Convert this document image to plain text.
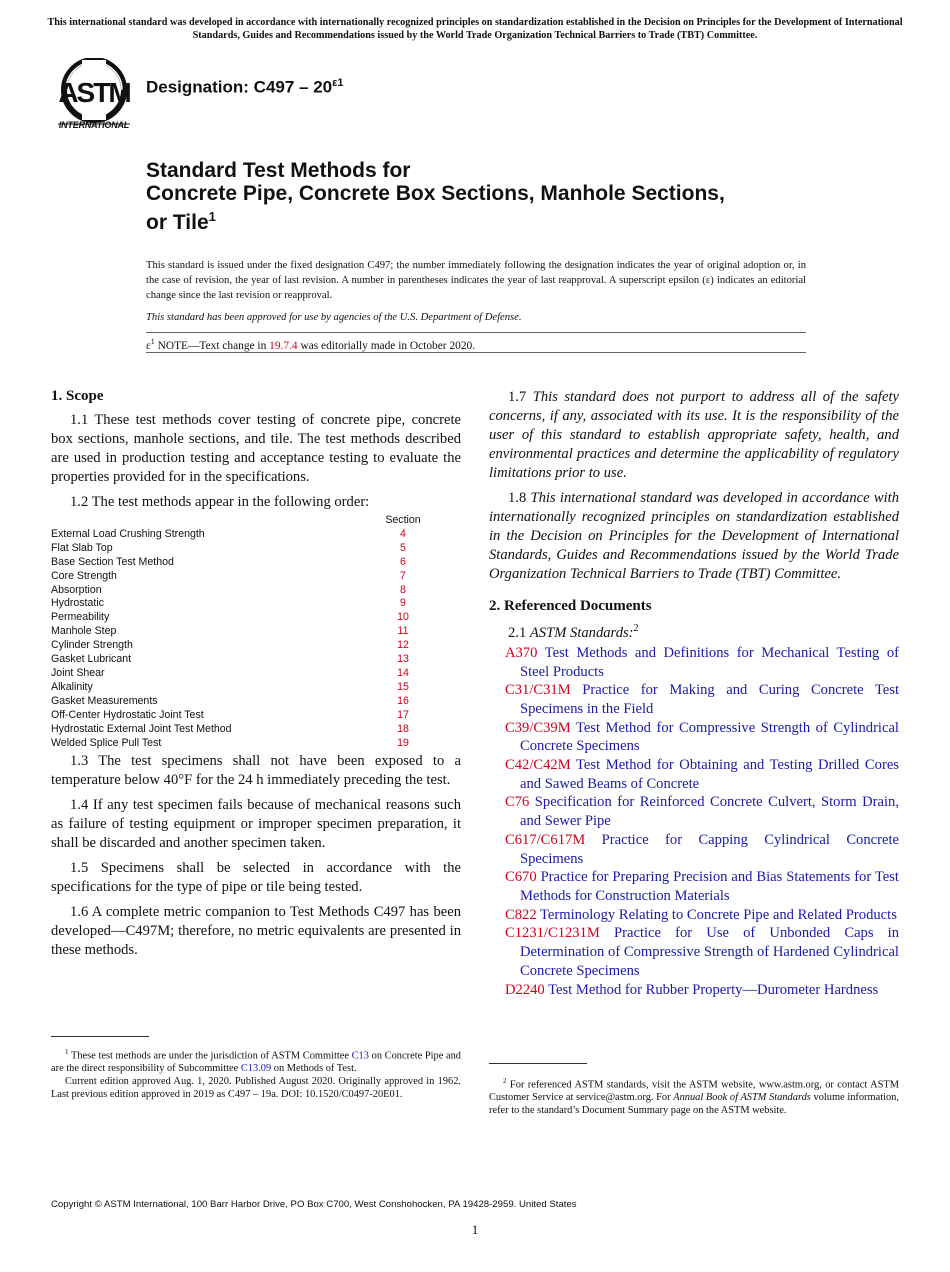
This international standard was developed in accordance with internationally recognized principles on standardization established in the Decision on Principles for the Development of International Standards, Guides and Recommendations issued by the World Trade Organization Technical Barriers to Trade (TBT) Committee.
ASTM
INTERNATIONAL
Designation: $C497 - 20^{\varepsilon 1}$
Standard Test Methods for
Concrete Pipe, Concrete Box Sections, Manhole Sections,
or Tile$^1$
This standard is issued under the fixed designation C497; the number immediately following the designation indicates the year of original adoption or, in the case of revision, the year of last revision. A number in parentheses indicates the year of last reapproval. A superscript epsilon (ε) indicates an editorial change since the last revision or reapproval.
This standard has been approved for use by agencies of the U.S. Department of Defense.
$\varepsilon^1$ NOTE—Text change in 19.7.4 was editorially made in October 2020.
1. Scope

1.1 These test methods cover testing of concrete pipe, concrete box sections, manhole sections, and tile. The test methods described are used in production testing and acceptance testing to evaluate the properties provided for in the specifications.

1.2 The test methods appear in the following order:

	Section
External Load Crushing Strength	4
Flat Slab Top	5
Base Section Test Method	6
Core Strength	7
Absorption	8
Hydrostatic	9
Permeability	10
Manhole Step	11
Cylinder Strength	12
Gasket Lubricant	13
Joint Shear	14
Alkalinity	15
Gasket Measurements	16
Off-Center Hydrostatic Joint Test	17
Hydrostatic External Joint Test Method	18
Welded Splice Pull Test	19

1.3 The test specimens shall not have been exposed to a temperature below 40°F for the 24 h immediately preceding the test.

1.4 If any test specimen fails because of mechanical reasons such as failure of testing equipment or improper specimen preparation, it shall be discarded and another specimen taken.

1.5 Specimens shall be selected in accordance with the specifications for the type of pipe or tile being tested.

1.6 A complete metric companion to Test Methods C497 has been developed—C497M; therefore, no metric equivalents are presented in these methods.

1.7 This standard does not purport to address all of the safety concerns, if any, associated with its use. It is the responsibility of the user of this standard to establish appropriate safety, health, and environmental practices and determine the applicability of regulatory limitations prior to use.

1.8 This international standard was developed in accordance with internationally recognized principles on standardization established in the Decision on Principles for the Development of International Standards, Guides and Recommendations issued by the World Trade Organization Technical Barriers to Trade (TBT) Committee.

2. Referenced Documents

2.1 ASTM Standards:$^2$

A370 Test Methods and Definitions for Mechanical Testing of Steel Products

C31/C31M Practice for Making and Curing Concrete Test Specimens in the Field

C39/C39M Test Method for Compressive Strength of Cylindrical Concrete Specimens

C42/C42M Test Method for Obtaining and Testing Drilled Cores and Sawed Beams of Concrete

C76 Specification for Reinforced Concrete Culvert, Storm Drain, and Sewer Pipe

C617/C617M Practice for Capping Cylindrical Concrete Specimens

C670 Practice for Preparing Precision and Bias Statements for Test Methods for Construction Materials

C822 Terminology Relating to Concrete Pipe and Related Products

C1231/C1231M Practice for Use of Unbonded Caps in Determination of Compressive Strength of Hardened Cylindrical Concrete Specimens

D2240 Test Method for Rubber Property—Durometer Hardness

$^1$ These test methods are under the jurisdiction of ASTM Committee C13 on Concrete Pipe and are the direct responsibility of Subcommittee C13.09 on Methods of Test.
Current edition approved Aug. 1, 2020. Published August 2020. Originally approved in 1962. Last previous edition approved in 2019 as C497 – 19a. DOI: 10.1520/C0497-20E01.
$^2$ For referenced ASTM standards, visit the ASTM website, www.astm.org, or contact ASTM Customer Service at service@astm.org. For Annual Book of ASTM Standards volume information, refer to the standard’s Document Summary page on the ASTM website.
Copyright © ASTM International, 100 Barr Harbor Drive, PO Box C700, West Conshohocken, PA 19428-2959. United States
1
